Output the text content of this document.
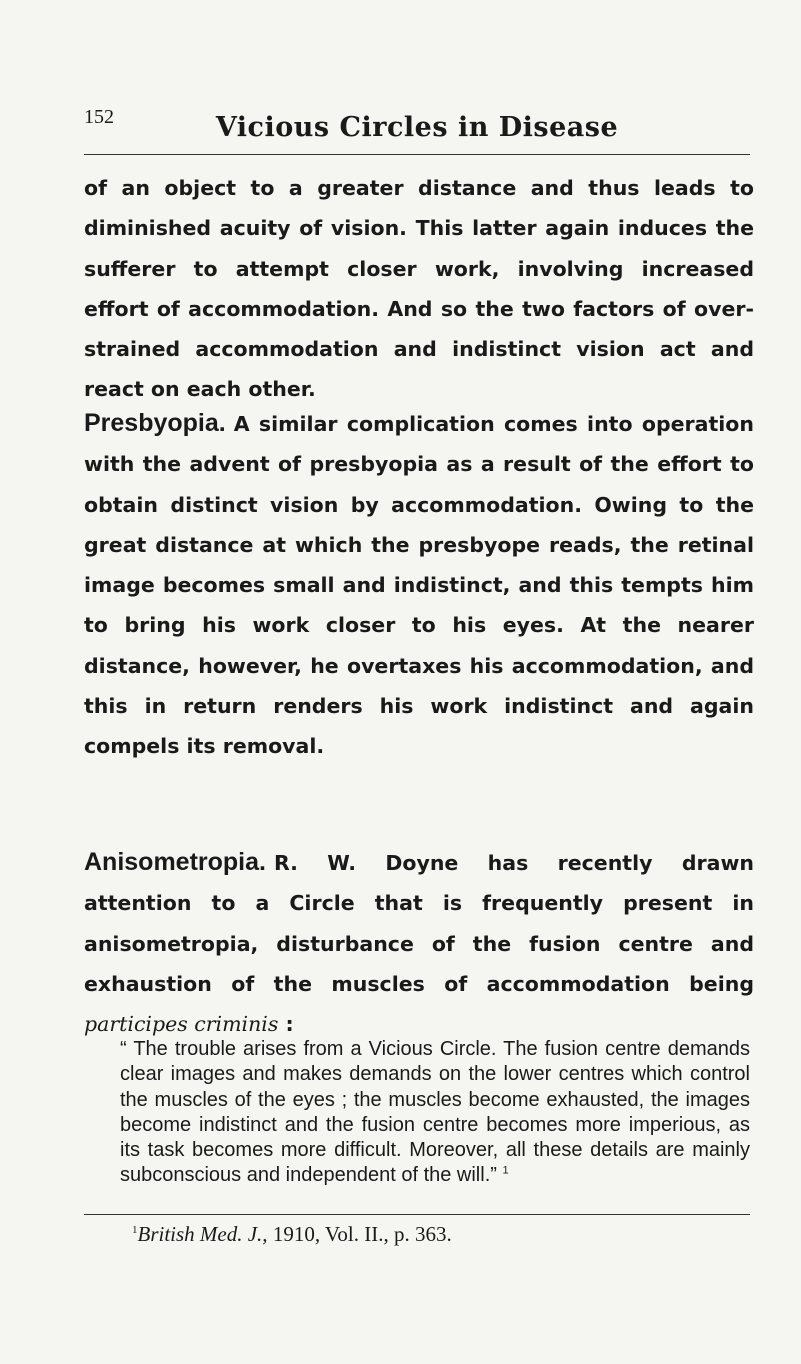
152	Vicious Circles in Disease

of an object to a greater distance and thus leads to diminished acuity of vision. This latter again induces the sufferer to attempt closer work, involving increased effort of accommodation. And so the two factors of over-strained accommodation and indistinct vision act and react on each other.

Presbyopia. A similar complication comes into operation with the advent of presbyopia as a result of the effort to obtain distinct vision by accommodation. Owing to the great distance at which the presbyope reads, the retinal image becomes small and indistinct, and this tempts him to bring his work closer to his eyes. At the nearer distance, however, he overtaxes his accommodation, and this in return renders his work indistinct and again compels its removal.

Anisometropia. R. W. Doyne has recently drawn attention to a Circle that is frequently present in anisometropia, disturbance of the fusion centre and exhaustion of the muscles of accommodation being participes criminis :

“ The trouble arises from a Vicious Circle. The fusion centre demands clear images and makes demands on the lower centres which control the muscles of the eyes ; the muscles become exhausted, the images become indistinct and the fusion centre becomes more imperious, as its task becomes more difficult. Moreover, all these details are mainly subconscious and independent of the will.” $^1$

$^1$British Med. J., 1910, Vol. II., p. 363.
